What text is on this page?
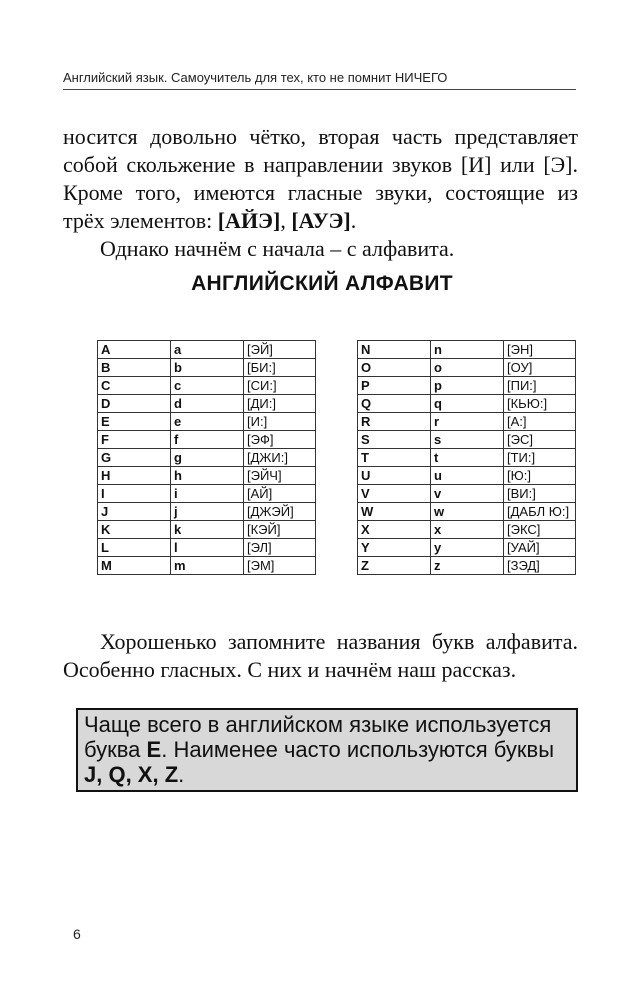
Английский язык. Самоучитель для тех, кто не помнит НИЧЕГО

носится довольно чётко, вторая часть представляет собой скольжение в направлении звуков [И] или [Э]. Кроме того, имеются гласные звуки, состоящие из трёх элементов: [АЙЭ], [АУЭ].

Однако начнём с начала – с алфавита.

АНГЛИЙСКИЙ АЛФАВИТ
A	a	[ЭЙ]
B	b	[БИ:]
C	c	[СИ:]
D	d	[ДИ:]
E	e	[И:]
F	f	[ЭФ]
G	g	[ДЖИ:]
H	h	[ЭЙЧ]
I	i	[АЙ]
J	j	[ДЖЭЙ]
K	k	[КЭЙ]
L	l	[ЭЛ]
M	m	[ЭМ]
N	n	[ЭН]
O	o	[ОУ]
P	p	[ПИ:]
Q	q	[КЬЮ:]
R	r	[А:]
S	s	[ЭС]
T	t	[ТИ:]
U	u	[Ю:]
V	v	[ВИ:]
W	w	[ДАБЛ Ю:]
X	x	[ЭКС]
Y	y	[УАЙ]
Z	z	[ЗЭД]
Хорошенько запомните названия букв алфавита. Особенно гласных. С них и начнём наш рассказ.
Чаще всего в английском языке используется буква E. Наименее часто используются буквы J, Q, X, Z.
6
